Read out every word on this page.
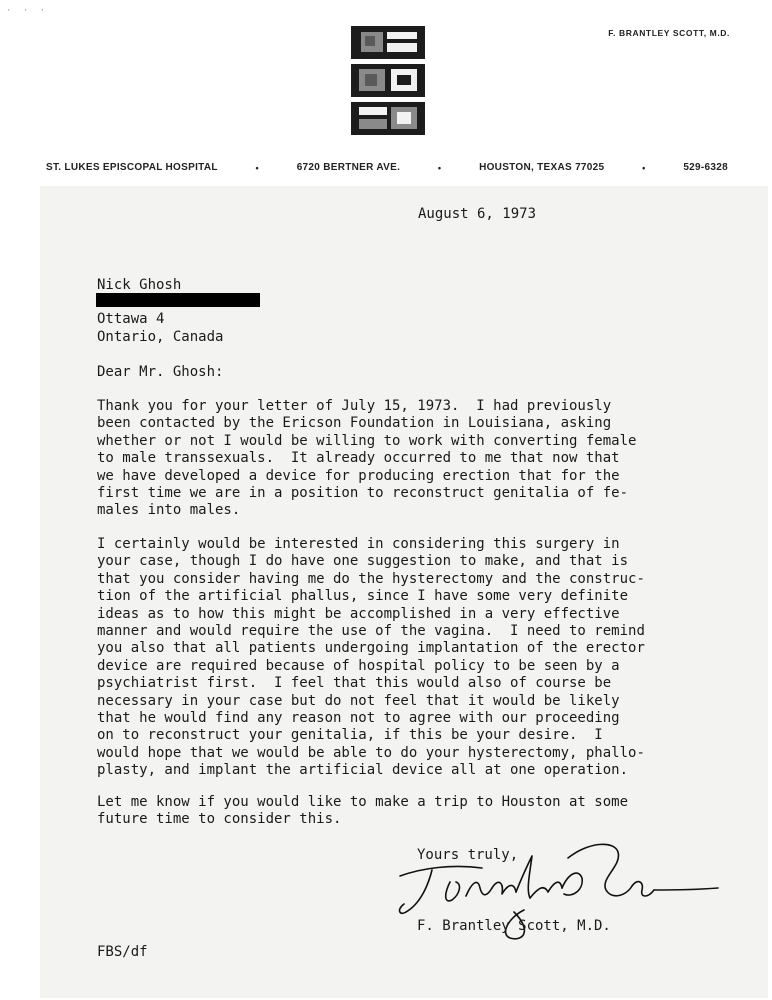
· · ·
F. BRANTLEY SCOTT, M.D.
ST. LUKES EPISCOPAL HOSPITAL	•	6720 BERTNER AVE.	•	HOUSTON, TEXAS 77025	•	529-6328
August 6, 1973
Nick Ghosh
Ottawa 4
Ontario, Canada
Dear Mr. Ghosh:
Thank you for your letter of July 15, 1973.  I had previously
been contacted by the Ericson Foundation in Louisiana, asking
whether or not I would be willing to work with converting female
to male transsexuals.  It already occurred to me that now that
we have developed a device for producing erection that for the
first time we are in a position to reconstruct genitalia of fe-
males into males.
I certainly would be interested in considering this surgery in
your case, though I do have one suggestion to make, and that is
that you consider having me do the hysterectomy and the construc-
tion of the artificial phallus, since I have some very definite
ideas as to how this might be accomplished in a very effective
manner and would require the use of the vagina.  I need to remind
you also that all patients undergoing implantation of the erector
device are required because of hospital policy to be seen by a
psychiatrist first.  I feel that this would also of course be
necessary in your case but do not feel that it would be likely
that he would find any reason not to agree with our proceeding
on to reconstruct your genitalia, if this be your desire.  I
would hope that we would be able to do your hysterectomy, phallo-
plasty, and implant the artificial device all at one operation.
Let me know if you would like to make a trip to Houston at some
future time to consider this.
Yours truly,
F. Brantley Scott, M.D.
FBS/df
